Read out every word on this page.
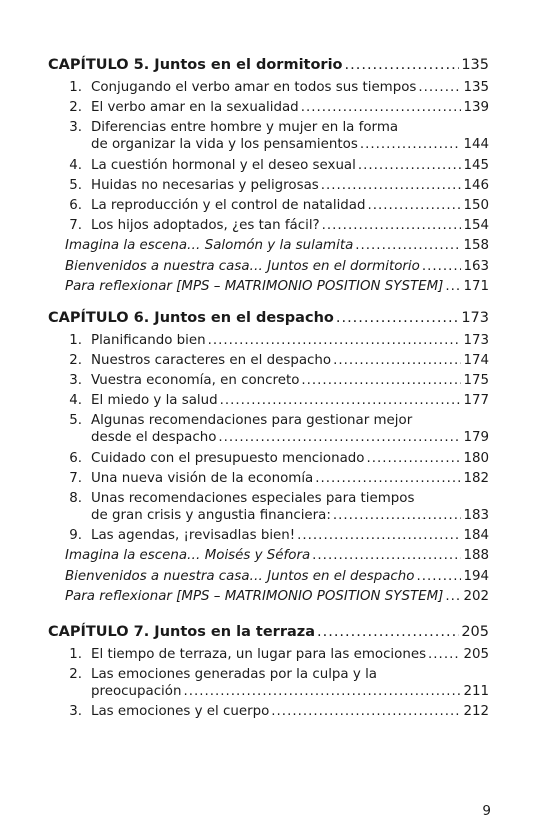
CAPÍTULO 5. Juntos en el dormitorio .....	135
1. Conjugando el verbo amar en todos sus tiempos .....	135
2. El verbo amar en la sexualidad .....	139
3. Diferencias entre hombre y mujer en la forma
de organizar la vida y los pensamientos .....	144
4. La cuestión hormonal y el deseo sexual .....	145
5. Huidas no necesarias y peligrosas .....	146
6. La reproducción y el control de natalidad .....	150
7. Los hijos adoptados, ¿es tan fácil? .....	154
Imagina la escena… Salomón y la sulamita .....	158
Bienvenidos a nuestra casa… Juntos en el dormitorio .....	163
Para reflexionar [MPS – MATRIMONIO POSITION SYSTEM] ..... 171
CAPÍTULO 6. Juntos en el despacho .....	173
1. Planificando bien .....	173
2. Nuestros caracteres en el despacho .....	174
3. Vuestra economía, en concreto .....	175
4. El miedo y la salud .....	177
5. Algunas recomendaciones para gestionar mejor
desde el despacho .....	179
6. Cuidado con el presupuesto mencionado .....	180
7. Una nueva visión de la economía .....	182
8. Unas recomendaciones especiales para tiempos
de gran crisis y angustia financiera: .....	183
9. Las agendas, ¡revisadlas bien! .....	184
Imagina la escena… Moisés y Séfora .....	188
Bienvenidos a nuestra casa… Juntos en el despacho .....	194
Para reflexionar [MPS – MATRIMONIO POSITION SYSTEM] ..... 202
CAPÍTULO 7. Juntos en la terraza .....	205
1. El tiempo de terraza, un lugar para las emociones .....	205
2. Las emociones generadas por la culpa y la
preocupación .....	211
3. Las emociones y el cuerpo .....	212
9
